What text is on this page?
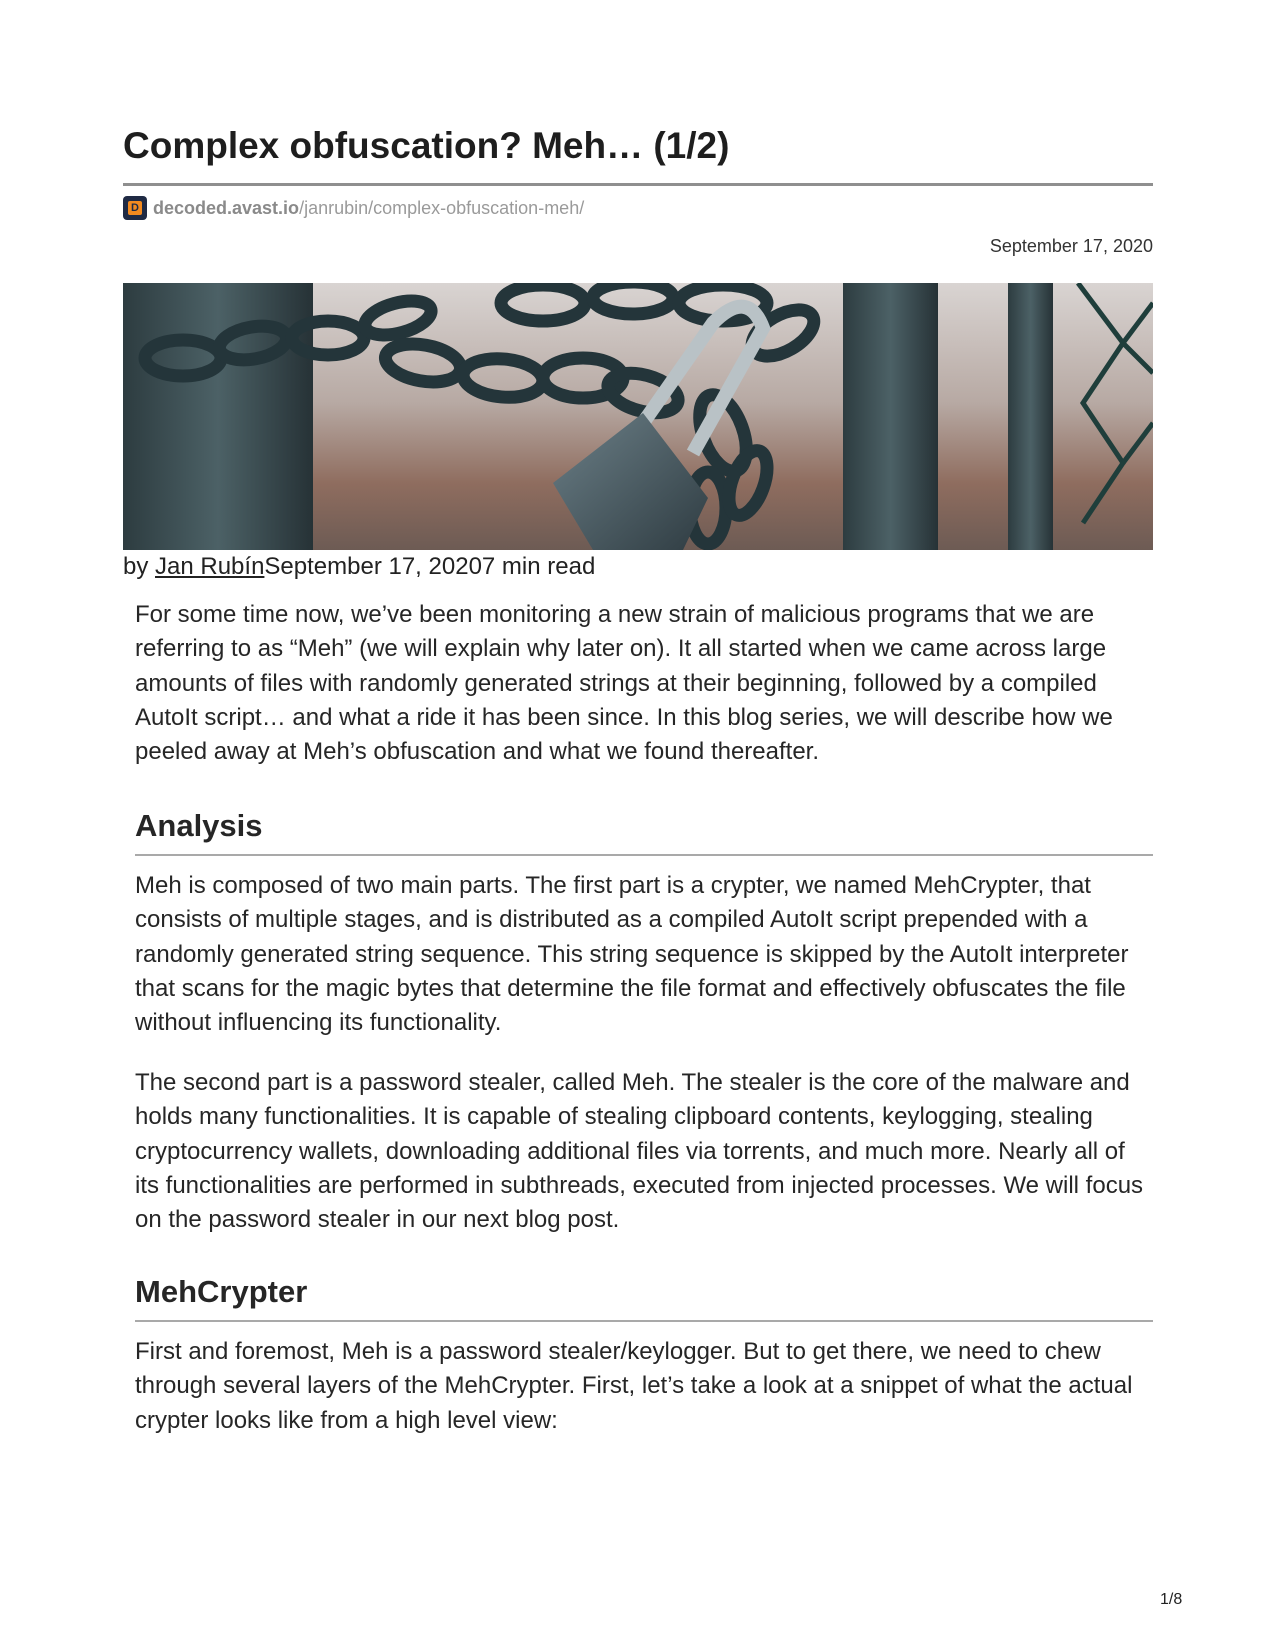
Complex obfuscation? Meh… (1/2)
D decoded.avast.io /janrubin/complex-obfuscation-meh/
September 17, 2020
by Jan RubínSeptember 17, 20207 min read

For some time now, we’ve been monitoring a new strain of malicious programs that we are referring to as “Meh” (we will explain why later on). It all started when we came across large amounts of files with randomly generated strings at their beginning, followed by a compiled AutoIt script… and what a ride it has been since. In this blog series, we will describe how we peeled away at Meh’s obfuscation and what we found thereafter.

Analysis

Meh is composed of two main parts. The first part is a crypter, we named MehCrypter, that consists of multiple stages, and is distributed as a compiled AutoIt script prepended with a randomly generated string sequence. This string sequence is skipped by the AutoIt interpreter that scans for the magic bytes that determine the file format and effectively obfuscates the file without influencing its functionality.

The second part is a password stealer, called Meh. The stealer is the core of the malware and holds many functionalities. It is capable of stealing clipboard contents, keylogging, stealing cryptocurrency wallets, downloading additional files via torrents, and much more. Nearly all of its functionalities are performed in subthreads, executed from injected processes. We will focus on the password stealer in our next blog post.

MehCrypter

First and foremost, Meh is a password stealer/keylogger. But to get there, we need to chew through several layers of the MehCrypter. First, let’s take a look at a snippet of what the actual crypter looks like from a high level view:

1/8
